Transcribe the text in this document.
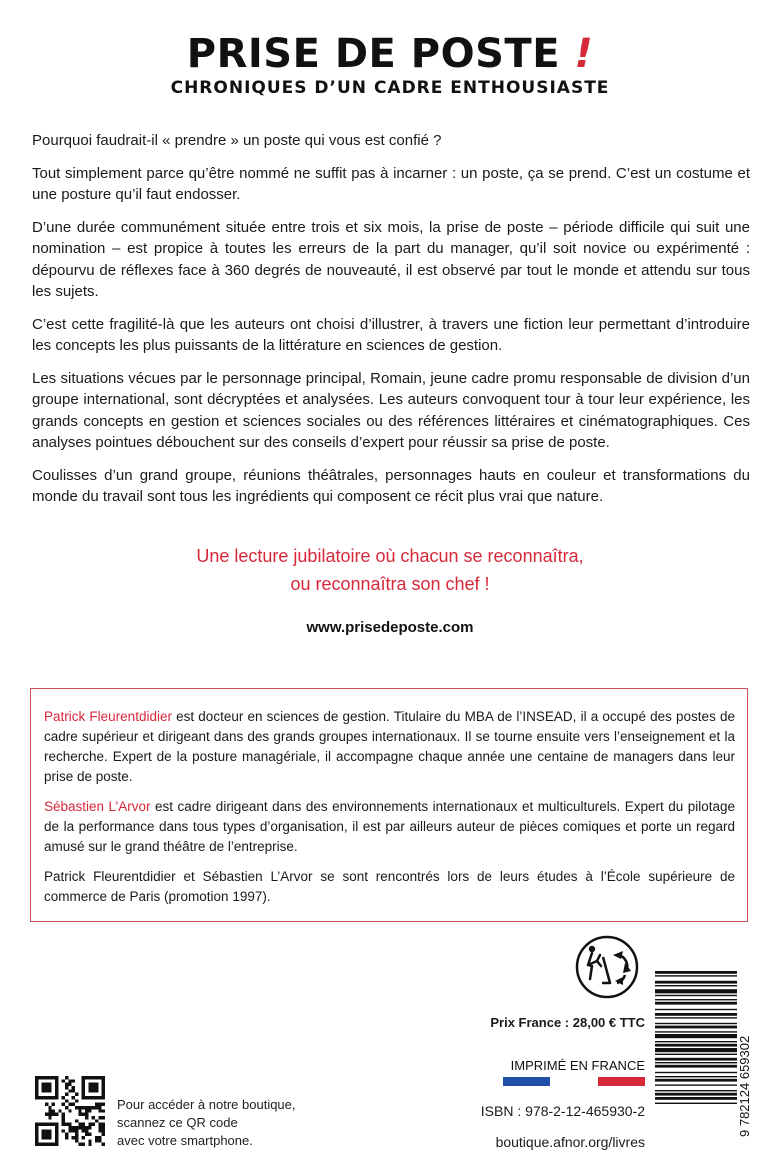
PRISE DE POSTE !
CHRONIQUES D’UN CADRE ENTHOUSIASTE

Pourquoi faudrait-il « prendre » un poste qui vous est confié ?

Tout simplement parce qu’être nommé ne suffit pas à incarner : un poste, ça se prend. C’est un costume et une posture qu’il faut endosser.

D’une durée communément située entre trois et six mois, la prise de poste – période difficile qui suit une nomination – est propice à toutes les erreurs de la part du manager, qu’il soit novice ou expérimenté : dépourvu de réflexes face à 360 degrés de nouveauté, il est observé par tout le monde et attendu sur tous les sujets.

C’est cette fragilité-là que les auteurs ont choisi d’illustrer, à travers une fiction leur permettant d’introduire les concepts les plus puissants de la littérature en sciences de gestion.

Les situations vécues par le personnage principal, Romain, jeune cadre promu responsable de division d’un groupe international, sont décryptées et analysées. Les auteurs convoquent tour à tour leur expérience, les grands concepts en gestion et sciences sociales ou des références littéraires et cinématographiques. Ces analyses pointues débouchent sur des conseils d’expert pour réussir sa prise de poste.

Coulisses d’un grand groupe, réunions théâtrales, personnages hauts en couleur et transformations du monde du travail sont tous les ingrédients qui composent ce récit plus vrai que nature.

Une lecture jubilatoire où chacun se reconnaîtra,
ou reconnaîtra son chef !
www.prisedeposte.com

Patrick Fleurentdidier est docteur en sciences de gestion. Titulaire du MBA de l’INSEAD, il a occupé des postes de cadre supérieur et dirigeant dans des grands groupes internationaux. Il se tourne ensuite vers l’enseignement et la recherche. Expert de la posture managériale, il accompagne chaque année une centaine de managers dans leur prise de poste.

Sébastien L’Arvor est cadre dirigeant dans des environnements internationaux et multiculturels. Expert du pilotage de la performance dans tous types d’organisation, il est par ailleurs auteur de pièces comiques et porte un regard amusé sur le grand théâtre de l’entreprise.

Patrick Fleurentdidier et Sébastien L’Arvor se sont rencontrés lors de leurs études à l’École supérieure de commerce de Paris (promotion 1997).

Prix France : 28,00 € TTC
IMPRIMÉ EN FRANCE
ISBN : 978-2-12-465930-2
boutique.afnor.org/livres
9 782124 659302
Pour accéder à notre boutique,
scannez ce QR code
avec votre smartphone.
